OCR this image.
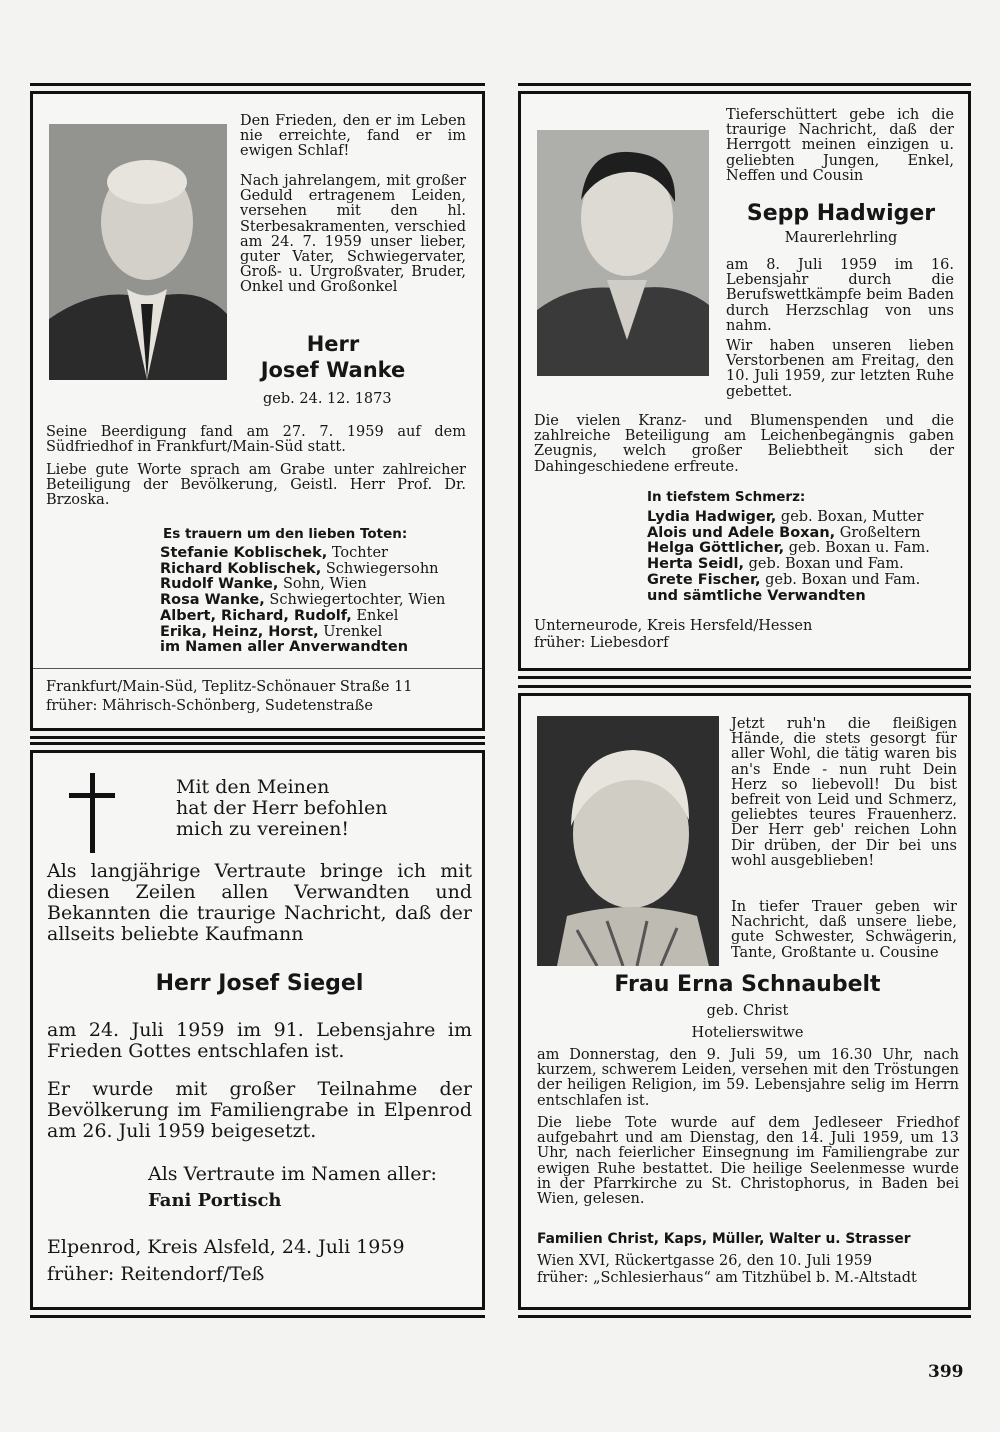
Den Frieden, den er im Leben nie erreichte, fand er im ewigen Schlaf!
Nach jahrelangem, mit großer Geduld ertragenem Leiden, versehen mit den hl. Sterbesakramenten, verschied am 24. 7. 1959 unser lieber, guter Vater, Schwiegervater, Groß- u. Urgroßvater, Bruder, Onkel und Großonkel
Herr
Josef Wanke
geb. 24. 12. 1873
Seine Beerdigung fand am 27. 7. 1959 auf dem Südfriedhof in Frankfurt/Main-Süd statt.
Liebe gute Worte sprach am Grabe unter zahlreicher Beteiligung der Bevölkerung, Geistl. Herr Prof. Dr. Brzoska.
Es trauern um den lieben Toten:
Stefanie Koblischek, Tochter
Richard Koblischek, Schwiegersohn
Rudolf Wanke, Sohn, Wien
Rosa Wanke, Schwiegertochter, Wien
Albert, Richard, Rudolf, Enkel
Erika, Heinz, Horst, Urenkel
im Namen aller Anverwandten
Frankfurt/Main-Süd, Teplitz-Schönauer Straße 11
früher: Mährisch-Schönberg, Sudetenstraße
Tieferschüttert gebe ich die traurige Nachricht, daß der Herrgott meinen einzigen u. geliebten Jungen, Enkel, Neffen und Cousin
Sepp Hadwiger
Maurerlehrling
am 8. Juli 1959 im 16. Lebensjahr durch die Berufswettkämpfe beim Baden durch Herzschlag von uns nahm.
Wir haben unseren lieben Verstorbenen am Freitag, den 10. Juli 1959, zur letzten Ruhe gebettet.
Die vielen Kranz- und Blumenspenden und die zahlreiche Beteiligung am Leichenbegängnis gaben Zeugnis, welch großer Beliebtheit sich der Dahingeschiedene erfreute.
In tiefstem Schmerz:
Lydia Hadwiger, geb. Boxan, Mutter
Alois und Adele Boxan, Großeltern
Helga Göttlicher, geb. Boxan u. Fam.
Herta Seidl, geb. Boxan und Fam.
Grete Fischer, geb. Boxan und Fam.
und sämtliche Verwandten
Unterneurode, Kreis Hersfeld/Hessen
früher: Liebesdorf
Mit den Meinen
hat der Herr befohlen
mich zu vereinen!
Als langjährige Vertraute bringe ich mit diesen Zeilen allen Verwandten und Bekannten die traurige Nachricht, daß der allseits beliebte Kaufmann
Herr Josef Siegel
am 24. Juli 1959 im 91. Lebensjahre im Frieden Gottes entschlafen ist.
Er wurde mit großer Teilnahme der Bevölkerung im Familiengrabe in Elpenrod am 26. Juli 1959 beigesetzt.
Als Vertraute im Namen aller:
Fani Portisch
Elpenrod, Kreis Alsfeld, 24. Juli 1959
früher: Reitendorf/Teß
Jetzt ruh'n die fleißigen Hände, die stets gesorgt für aller Wohl, die tätig waren bis an's Ende - nun ruht Dein Herz so liebevoll! Du bist befreit von Leid und Schmerz, geliebtes teures Frauenherz. Der Herr geb' reichen Lohn Dir drüben, der Dir bei uns wohl ausgeblieben!
In tiefer Trauer geben wir Nachricht, daß unsere liebe, gute Schwester, Schwägerin, Tante, Großtante u. Cousine
Frau Erna Schnaubelt
geb. Christ
Hotelierswitwe
am Donnerstag, den 9. Juli 59, um 16.30 Uhr, nach kurzem, schwerem Leiden, versehen mit den Tröstungen der heiligen Religion, im 59. Lebensjahre selig im Herrn entschlafen ist.
Die liebe Tote wurde auf dem Jedleseer Friedhof aufgebahrt und am Dienstag, den 14. Juli 1959, um 13 Uhr, nach feierlicher Einsegnung im Familiengrabe zur ewigen Ruhe bestattet. Die heilige Seelenmesse wurde in der Pfarrkirche zu St. Christophorus, in Baden bei Wien, gelesen.
Familien Christ, Kaps, Müller, Walter u. Strasser
Wien XVI, Rückertgasse 26, den 10. Juli 1959
früher: „Schlesierhaus“ am Titzhübel b. M.-Altstadt
399
